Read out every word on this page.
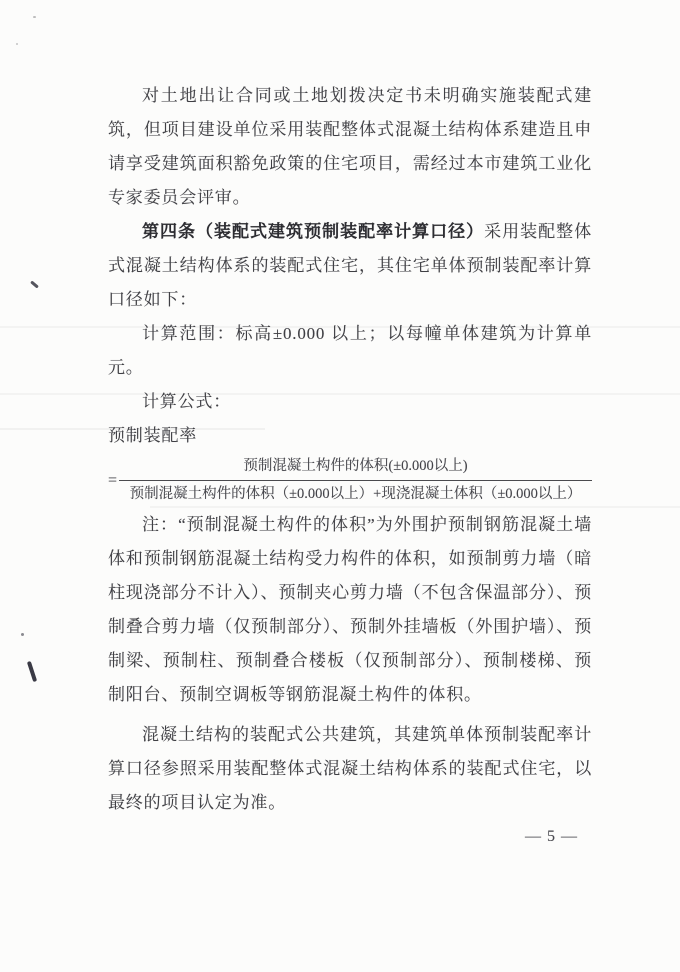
对土地出让合同或土地划拨决定书未明确实施装配式建筑，但项目建设单位采用装配整体式混凝土结构体系建造且申请享受建筑面积豁免政策的住宅项目，需经过本市建筑工业化专家委员会评审。

第四条（装配式建筑预制装配率计算口径）采用装配整体式混凝土结构体系的装配式住宅，其住宅单体预制装配率计算口径如下：

计算范围：标高±0.000 以上；以每幢单体建筑为计算单元。

计算公式：

预制装配率

= $\frac{\text{预制混凝土构件的体积(±0.000以上)}}{\text{预制混凝土构件的体积（±0.000以上）+现浇混凝土体积（±0.000以上）}}$

注：“预制混凝土构件的体积”为外围护预制钢筋混凝土墙体和预制钢筋混凝土结构受力构件的体积，如预制剪力墙（暗柱现浇部分不计入）、预制夹心剪力墙（不包含保温部分）、预制叠合剪力墙（仅预制部分）、预制外挂墙板（外围护墙）、预制梁、预制柱、预制叠合楼板（仅预制部分）、预制楼梯、预制阳台、预制空调板等钢筋混凝土构件的体积。

混凝土结构的装配式公共建筑，其建筑单体预制装配率计算口径参照采用装配整体式混凝土结构体系的装配式住宅，以最终的项目认定为准。

— 5 —
